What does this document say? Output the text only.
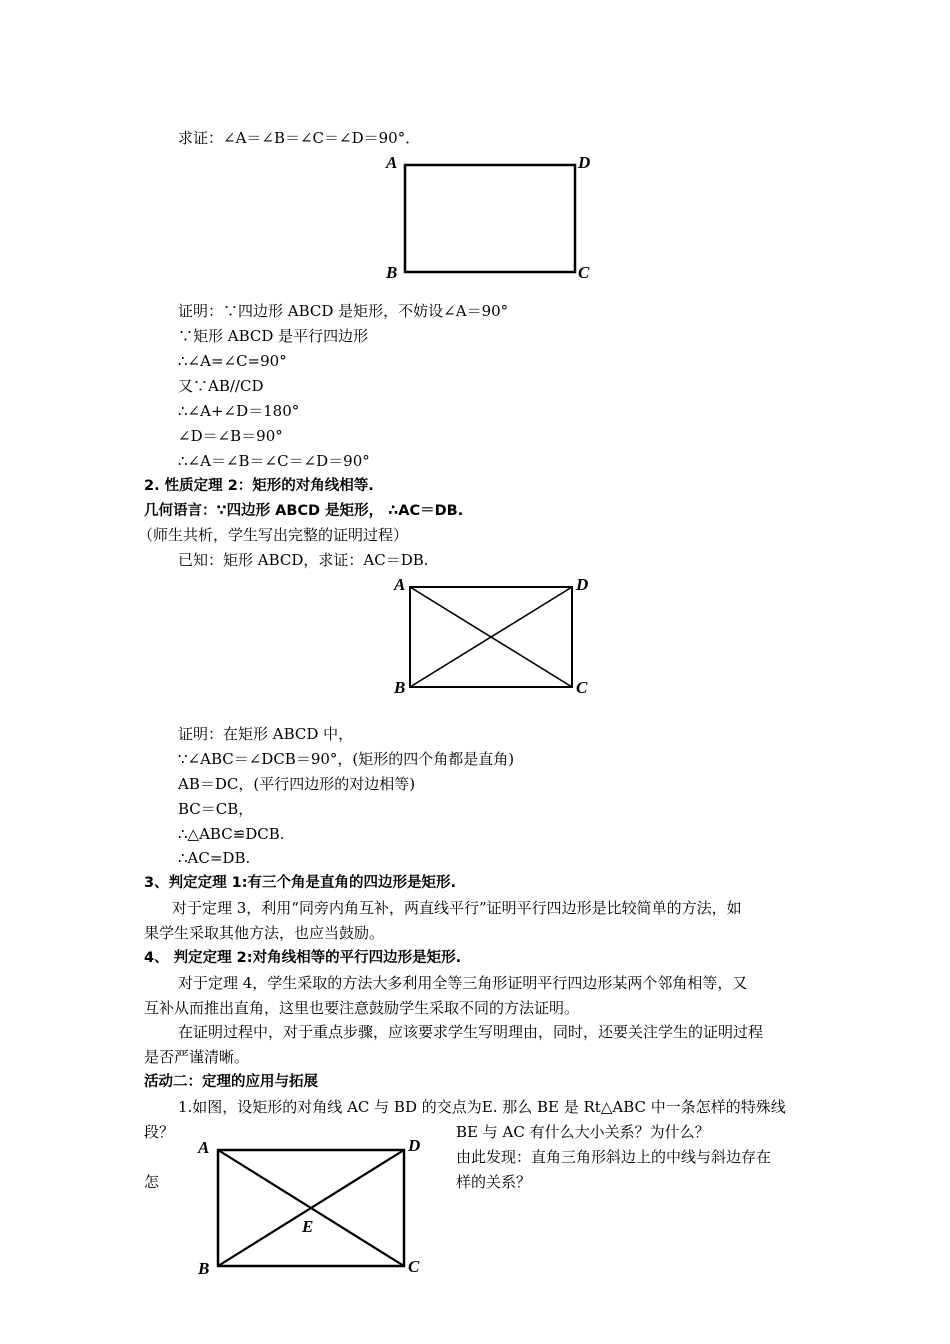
求证：∠A＝∠B＝∠C＝∠D＝90°．
A	D
B	C
证明：∵四边形 ABCD 是矩形，不妨设∠A＝90°
∵矩形 ABCD 是平行四边形
∴∠A=∠C=90°
又∵AB//CD
∴∠A+∠D＝180°
∠D＝∠B＝90°
∴∠A＝∠B＝∠C＝∠D＝90°
2. 性质定理 2：矩形的对角线相等.
几何语言：∵四边形 ABCD 是矩形， ∴AC＝DB.
（师生共析，学生写出完整的证明过程）
已知：矩形 ABCD，求证：AC＝DB.
A	D
B	C
证明：在矩形 ABCD 中，
∵∠ABC＝∠DCB＝90°，(矩形的四个角都是直角)
AB＝DC，(平行四边形的对边相等)
BC＝CB，
∴△ABC≌DCB.
∴AC=DB.
3、判定定理 1:有三个角是直角的四边形是矩形.
对于定理 3，利用“同旁内角互补，两直线平行”证明平行四边形是比较简单的方法，如
果学生采取其他方法，也应当鼓励。
4、 判定定理 2:对角线相等的平行四边形是矩形.
对于定理 4，学生采取的方法大多利用全等三角形证明平行四边形某两个邻角相等，又
互补从而推出直角，这里也要注意鼓励学生采取不同的方法证明。
在证明过程中，对于重点步骤，应该要求学生写明理由，同时，还要关注学生的证明过程
是否严谨清晰。
活动二：定理的应用与拓展
1.如图，设矩形的对角线 AC 与 BD 的交点为E. 那么 BE 是 Rt△ABC 中一条怎样的特殊线
段？	BE 与 AC 有什么大小关系？为什么？
由此发现：直角三角形斜边上的中线与斜边存在
怎	样的关系？
A	D
B	C
E
